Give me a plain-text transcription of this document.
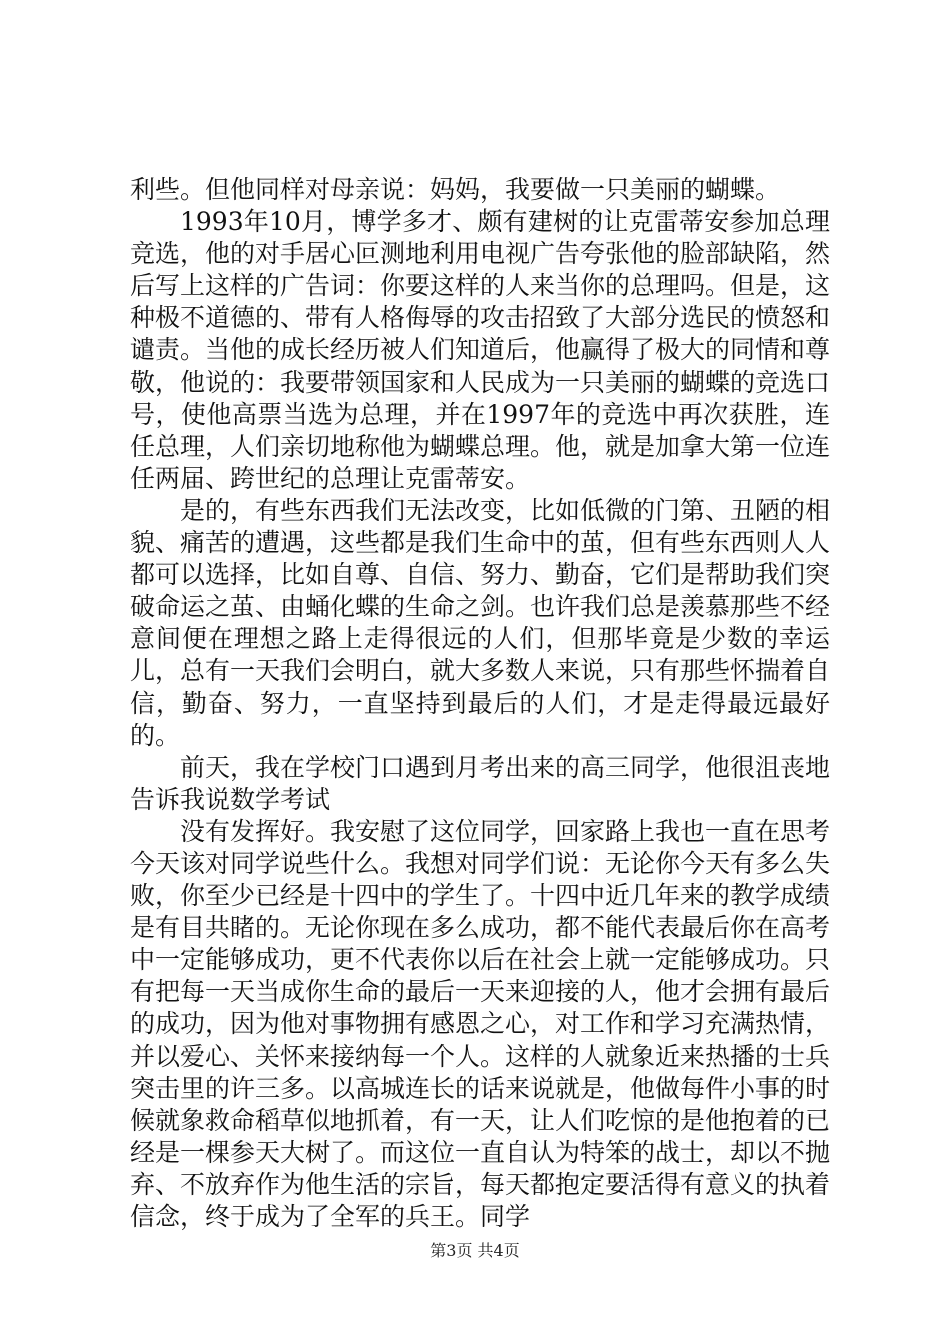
利些。但他同样对母亲说：妈妈，我要做一只美丽的蝴蝶。

1993年10月，博学多才、颇有建树的让克雷蒂安参加总理竞选，他的对手居心叵测地利用电视广告夸张他的脸部缺陷，然后写上这样的广告词：你要这样的人来当你的总理吗。但是，这种极不道德的、带有人格侮辱的攻击招致了大部分选民的愤怒和谴责。当他的成长经历被人们知道后，他赢得了极大的同情和尊敬，他说的：我要带领国家和人民成为一只美丽的蝴蝶的竞选口号，使他高票当选为总理，并在1997年的竞选中再次获胜，连任总理，人们亲切地称他为蝴蝶总理。他，就是加拿大第一位连任两届、跨世纪的总理让克雷蒂安。

是的，有些东西我们无法改变，比如低微的门第、丑陋的相貌、痛苦的遭遇，这些都是我们生命中的茧，但有些东西则人人都可以选择，比如自尊、自信、努力、勤奋，它们是帮助我们突破命运之茧、由蛹化蝶的生命之剑。也许我们总是羡慕那些不经意间便在理想之路上走得很远的人们，但那毕竟是少数的幸运儿，总有一天我们会明白，就大多数人来说，只有那些怀揣着自信，勤奋、努力，一直坚持到最后的人们，才是走得最远最好的。

前天，我在学校门口遇到月考出来的高三同学，他很沮丧地告诉我说数学考试

没有发挥好。我安慰了这位同学，回家路上我也一直在思考今天该对同学说些什么。我想对同学们说：无论你今天有多么失败，你至少已经是十四中的学生了。十四中近几年来的教学成绩是有目共睹的。无论你现在多么成功，都不能代表最后你在高考中一定能够成功，更不代表你以后在社会上就一定能够成功。只有把每一天当成你生命的最后一天来迎接的人，他才会拥有最后的成功，因为他对事物拥有感恩之心，对工作和学习充满热情，并以爱心、关怀来接纳每一个人。这样的人就象近来热播的士兵突击里的许三多。以高城连长的话来说就是，他做每件小事的时候就象救命稻草似地抓着，有一天，让人们吃惊的是他抱着的已经是一棵参天大树了。而这位一直自认为特笨的战士，却以不抛弃、不放弃作为他生活的宗旨，每天都抱定要活得有意义的执着信念，终于成为了全军的兵王。同学

第3页 共4页
